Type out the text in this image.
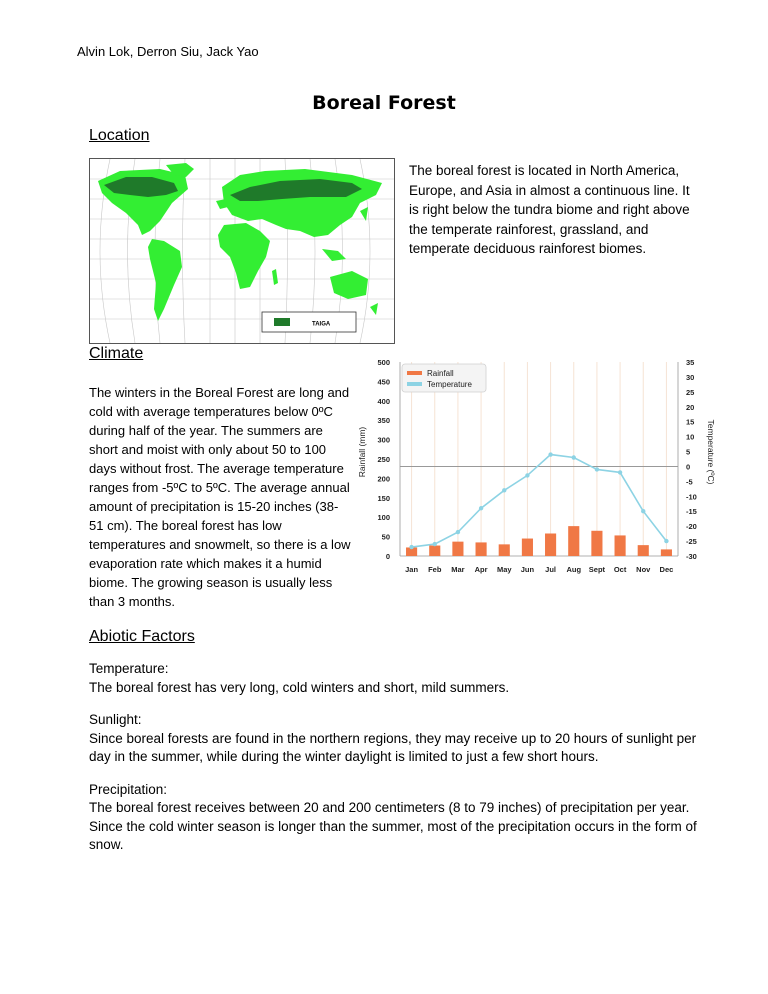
Alvin Lok, Derron Siu, Jack Yao
Boreal Forest
Location
TAIGA
The boreal forest is located in North America, Europe, and Asia in almost a continuous line. It is right below the tundra biome and right above the temperate rainforest, grassland, and temperate deciduous rainforest biomes.
Climate
The winters in the Boreal Forest are long and cold with average temperatures below 0ºC during half of the year. The summers are short and moist with only about 50 to 100 days without frost. The average temperature ranges from -5ºC to 5ºC. The average annual amount of precipitation is 15-20 inches (38-51 cm). The boreal forest has low temperatures and snowmelt, so there is a low evaporation rate which makes it a humid biome. The growing season is usually less than 3 months.
0
50
100
150
200
250
300
350
400
450
500
-30
-25
-20
-15
-10
-5
0
5
10
15
20
25
30
35
Jan Feb Mar Apr May Jun Jul Aug Sept Oct Nov Dec
Rainfall
Temperature
Rainfall (mm)	Temperature (ºC)
Abiotic Factors
Temperature:
The boreal forest has very long, cold winters and short, mild summers.
Sunlight:
Since boreal forests are found in the northern regions, they may receive up to 20 hours of sunlight per day in the summer, while during the winter daylight is limited to just a few short hours.
Precipitation:
The boreal forest receives between 20 and 200 centimeters (8 to 79 inches) of precipitation per year. Since the cold winter season is longer than the summer, most of the precipitation occurs in the form of snow.
